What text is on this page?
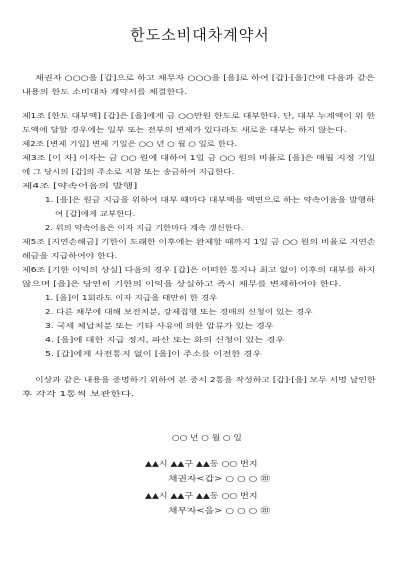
한도소비대차계약서
채권자 ○○○을 [갑]으로 하고 채무자 ○○○을 [을]로 하여 [갑]·[을]간에 다음과 같은
내용의 한도 소비대차 계약서를 체결한다.
제1조 [한도 대부액] [갑]은 [을]에게 금 ○○만원 한도로 대부한다. 단, 대부 누계액이 위 한
도액에 달할 경우에는 일부 또는 전부의 변제가 있다라도 새로운 대부는 하지 않는다.
제2조 [변제 기일] 변제 기일은 ○○ 년 ○ 월 ○ 일로 한다.
제3조 [이 자] 이자는 금 ○○ 원에 대하여 1일 금 ○○ 원의 비율로 [을]은 매월 지정 기일
에 그 당시의 [갑]의 주소로 지참 또는 송금하여 지급한다.
제4조 [약속어음의 발행]
1. [을]은 원금 지급을 위하여 대부 때마다 대부액을 액면으로 하는 약속어음을 발행하
여 [갑]에게 교부한다.
2. 위의 약속어음은 이자 지급 기한마다 계속 갱신한다.
제5조 [지연손해금] 기한이 도래한 이후에는 완제할 때까지 1일 금 ○○ 원의 비율로 지연손
해금을 지급하여야 한다.
제6조 [기한 이익의 상실] 다음의 경우 [갑]은 어떠한 통지나 최고 없이 이후의 대부를 하지
않으며 [을]은 당연히 기한의 이익을 상실하고 즉시 채무를 변제하여야 한다.
1. [을]이 1회라도 이자 지급을 태만히 한 경우
2. 다른 채무에 대해 보전처분, 강제집행 또는 경매의 신청이 있는 경우
3. 국세 체납처분 또는 기타 사유에 의한 압류가 있는 경우
4. [을]에 대한 지급 정지, 파산 또는 화의 신청이 있는 경우
5. [갑]에게 사전통지 없이 [을]이 주소를 이전한 경우
이상과 같은 내용을 증명하기 위하여 본 증서 2통을 작성하고 [갑]·[을] 모두 서명 날인한
후 각각 1통씩 보관한다.
○○ 년 ○ 월 ○ 일
▲▲시 ▲▲구 ▲▲동 ○○ 번지
채권자<갑> ○ ○ ○ ㊞
▲▲시 ▲▲구 ▲▲동 ○○ 번지
채무자<을> ○ ○ ○ ㊞
